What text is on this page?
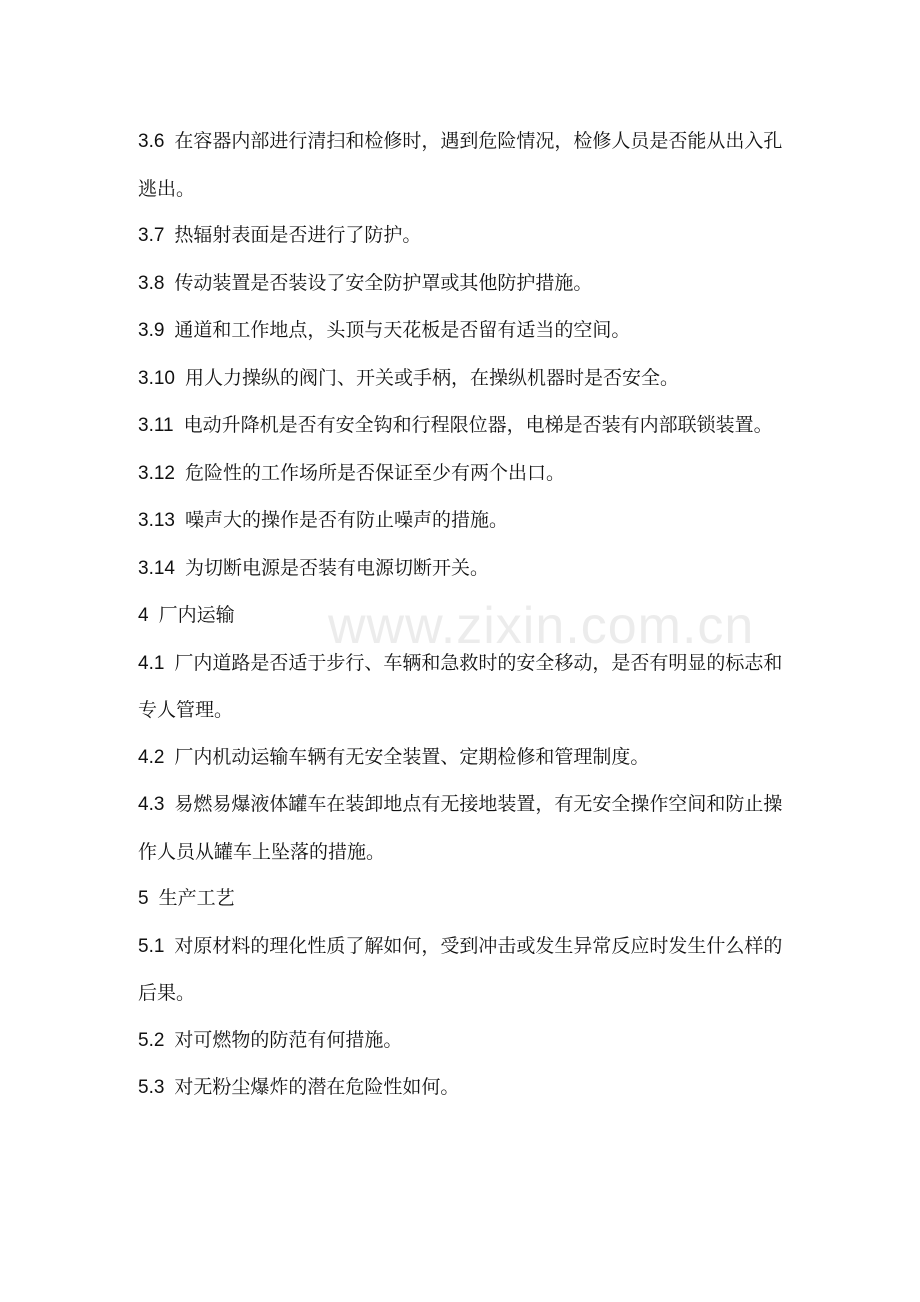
3.6 在容器内部进行清扫和检修时，遇到危险情况，检修人员是否能从出入孔逃出。

3.7 热辐射表面是否进行了防护。

3.8 传动装置是否装设了安全防护罩或其他防护措施。

3.9 通道和工作地点，头顶与天花板是否留有适当的空间。

3.10 用人力操纵的阀门、开关或手柄，在操纵机器时是否安全。

3.11 电动升降机是否有安全钩和行程限位器，电梯是否装有内部联锁装置。

3.12 危险性的工作场所是否保证至少有两个出口。

3.13 噪声大的操作是否有防止噪声的措施。

3.14 为切断电源是否装有电源切断开关。

4 厂内运输

4.1 厂内道路是否适于步行、车辆和急救时的安全移动，是否有明显的标志和专人管理。

4.2 厂内机动运输车辆有无安全装置、定期检修和管理制度。

4.3 易燃易爆液体罐车在装卸地点有无接地装置，有无安全操作空间和防止操作人员从罐车上坠落的措施。

5 生产工艺

5.1 对原材料的理化性质了解如何，受到冲击或发生异常反应时发生什么样的后果。

5.2 对可燃物的防范有何措施。

5.3 对无粉尘爆炸的潜在危险性如何。

www.zixin.com.cn
